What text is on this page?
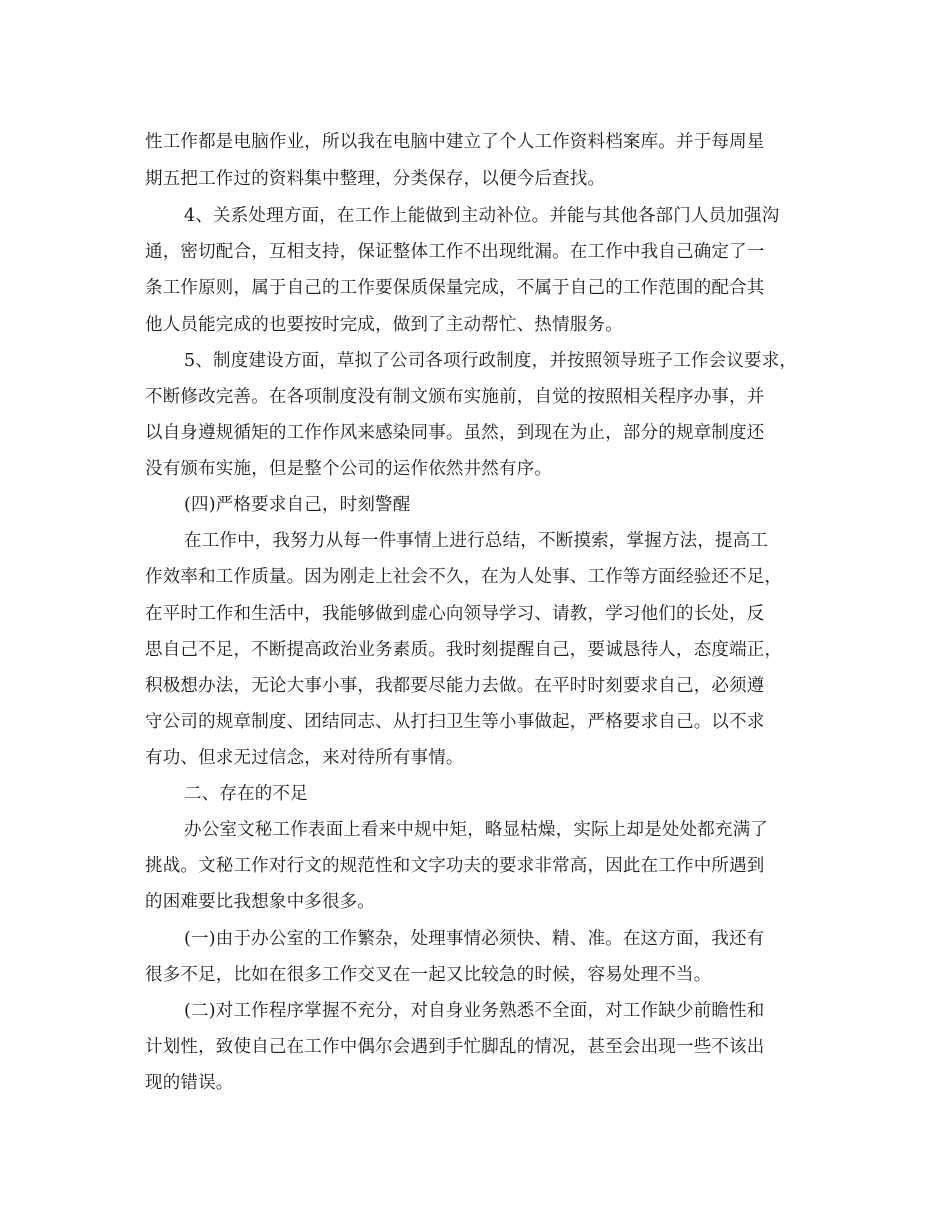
性工作都是电脑作业，所以我在电脑中建立了个人工作资料档案库。并于每周星

期五把工作过的资料集中整理，分类保存，以便今后查找。

4、关系处理方面，在工作上能做到主动补位。并能与其他各部门人员加强沟

通，密切配合，互相支持，保证整体工作不出现纰漏。在工作中我自己确定了一

条工作原则，属于自己的工作要保质保量完成，不属于自己的工作范围的配合其

他人员能完成的也要按时完成，做到了主动帮忙、热情服务。

5、制度建设方面，草拟了公司各项行政制度，并按照领导班子工作会议要求，

不断修改完善。在各项制度没有制文颁布实施前，自觉的按照相关程序办事，并

以自身遵规循矩的工作作风来感染同事。虽然，到现在为止，部分的规章制度还

没有颁布实施，但是整个公司的运作依然井然有序。

(四)严格要求自己，时刻警醒

在工作中，我努力从每一件事情上进行总结，不断摸索，掌握方法，提高工

作效率和工作质量。因为刚走上社会不久，在为人处事、工作等方面经验还不足，

在平时工作和生活中，我能够做到虚心向领导学习、请教，学习他们的长处，反

思自己不足，不断提高政治业务素质。我时刻提醒自己，要诚恳待人，态度端正，

积极想办法，无论大事小事，我都要尽能力去做。在平时时刻要求自己，必须遵

守公司的规章制度、团结同志、从打扫卫生等小事做起，严格要求自己。以不求

有功、但求无过信念，来对待所有事情。

二、存在的不足

办公室文秘工作表面上看来中规中矩，略显枯燥，实际上却是处处都充满了

挑战。文秘工作对行文的规范性和文字功夫的要求非常高，因此在工作中所遇到

的困难要比我想象中多很多。

(一)由于办公室的工作繁杂，处理事情必须快、精、准。在这方面，我还有

很多不足，比如在很多工作交叉在一起又比较急的时候，容易处理不当。

(二)对工作程序掌握不充分，对自身业务熟悉不全面，对工作缺少前瞻性和

计划性，致使自己在工作中偶尔会遇到手忙脚乱的情况，甚至会出现一些不该出

现的错误。
